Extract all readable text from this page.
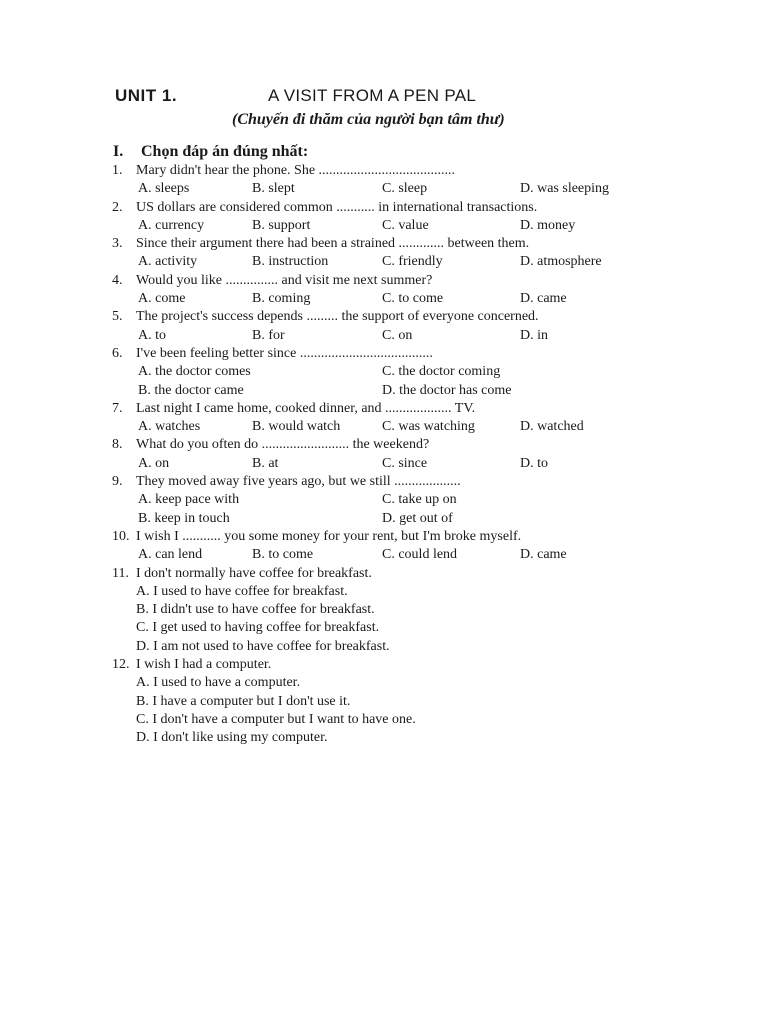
UNIT 1.	A VISIT FROM A PEN PAL
(Chuyến đi thăm của người bạn tâm thư)
I. Chọn đáp án đúng nhất:
1. Mary didn't hear the phone. She .......................................
A. sleeps	B. slept	C. sleep	D. was sleeping
2. US dollars are considered common ........... in international transactions.
A. currency	B. support	C. value	D. money
3. Since their argument there had been a strained ............. between them.
A. activity	B. instruction	C. friendly	D. atmosphere
4. Would you like ............... and visit me next summer?
A. come	B. coming	C. to come	D. came
5. The project's success depends ......... the support of everyone concerned.
A. to	B. for	C. on	D. in
6. I've been feeling better since ......................................
A. the doctor comes	C. the doctor coming
B. the doctor came	D. the doctor has come
7. Last night I came home, cooked dinner, and ................... TV.
A. watches	B. would watch	C. was watching	D. watched
8. What do you often do ......................... the weekend?
A. on	B. at	C. since	D. to
9. They moved away five years ago, but we still ...................
A. keep pace with	C. take up on
B. keep in touch	D. get out of
10. I wish I ........... you some money for your rent, but I'm broke myself.
A. can lend	B. to come	C. could lend	D. came
11. I don't normally have coffee for breakfast.
A. I used to have coffee for breakfast.
B. I didn't use to have coffee for breakfast.
C. I get used to having coffee for breakfast.
D. I am not used to have coffee for breakfast.
12. I wish I had a computer.
A. I used to have a computer.
B. I have a computer but I don't use it.
C. I don't have a computer but I want to have one.
D. I don't like using my computer.
